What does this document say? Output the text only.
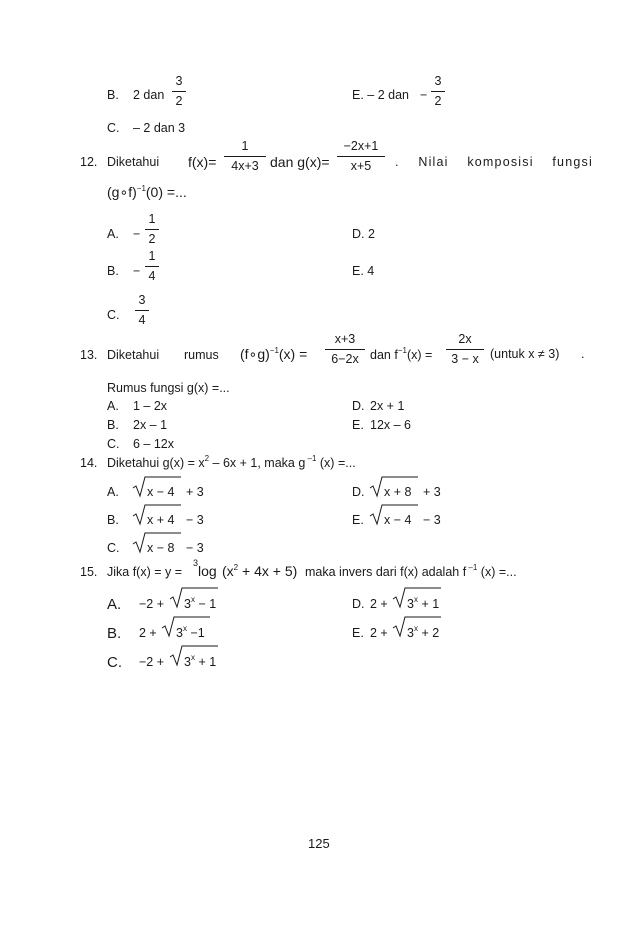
B. 2 dan
3
2	E. – 2 dan −
3
2
C. – 2 dan 3
12. Diketahui f(x)=
1
4x+3 dan g(x)=
−2x+1
x+5	. Nilai komposisi fungsi
(g∘f)$^{-1}$(0) =...
A. −
1
2	D. 2
B. −
1
4	E. 4
C.
3
4
13. Diketahui rumus (f∘g)$^{-1}$(x) =
x+3
6−2x dan $f^{-1}(x)$ =
2x
3 − x (untuk x ≠ 3) .
Rumus fungsi g(x) =...
A. 1 – 2x
B. 2x – 1
C. 6 – 12x
D. 2x + 1
E. 12x – 6
14. Diketahui $g(x) = x^2 - 6x + 1$, maka g $^{-1}$ (x) =...
A. x − 4 + 3	D. x + 8 + 3
B. x + 4 − 3	E. x − 4 − 3
C. x − 8 − 3
15. Jika f(x) = y =
3 $\log (x^2 + 4x + 5)$ maka invers dari f(x) adalah f $^{-1}$ (x) =...
A. $-2 + 3^x - 1$	D. $2 + 3^x + 1$
B. $2 + 3^x -1$	E. $2 + 3^x + 2$
C. $-2 + 3^x + 1$
125
